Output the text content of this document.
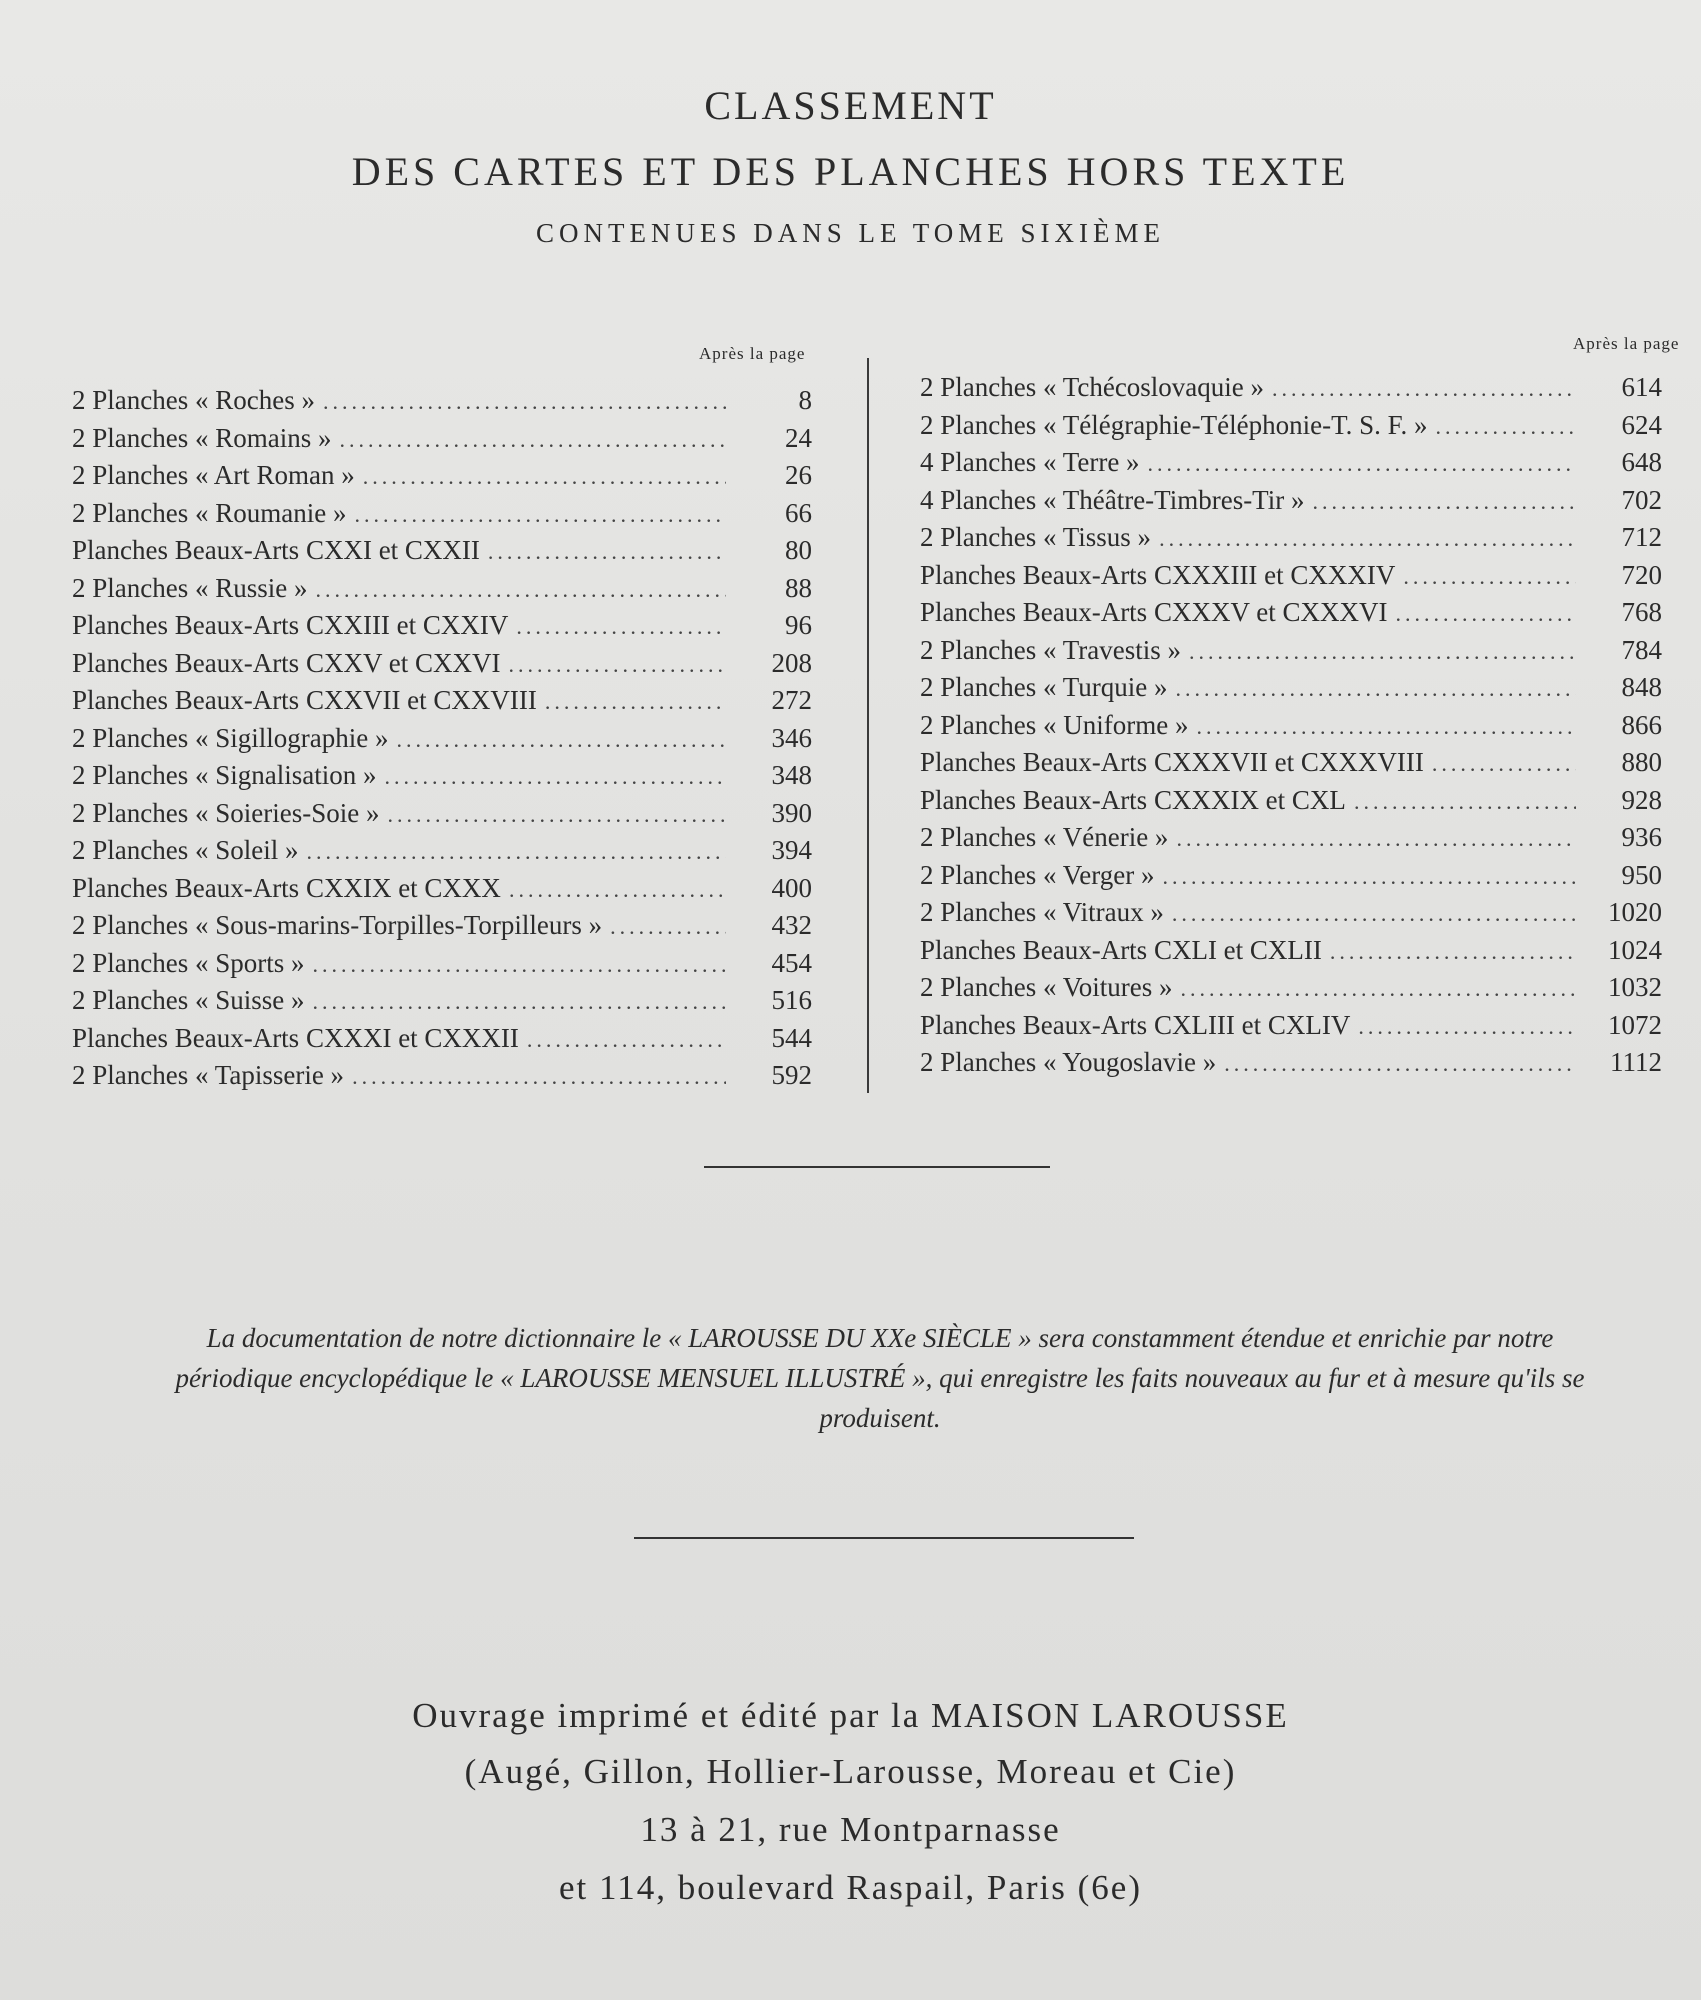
CLASSEMENT
DES CARTES ET DES PLANCHES HORS TEXTE
CONTENUES DANS LE TOME SIXIÈME
Après la page
Après la page
2 Planches « Roches » .....	8
2 Planches « Romains » .....	24
2 Planches « Art Roman » .....	26
2 Planches « Roumanie » .....	66
Planches Beaux-Arts CXXI et CXXII .....	80
2 Planches « Russie » .....	88
Planches Beaux-Arts CXXIII et CXXIV .....	96
Planches Beaux-Arts CXXV et CXXVI .....	208
Planches Beaux-Arts CXXVII et CXXVIII .....	272
2 Planches « Sigillographie » .....	346
2 Planches « Signalisation » .....	348
2 Planches « Soieries-Soie » .....	390
2 Planches « Soleil » .....	394
Planches Beaux-Arts CXXIX et CXXX .....	400
2 Planches « Sous-marins-Torpilles-Torpilleurs » .....	432
2 Planches « Sports » .....	454
2 Planches « Suisse » .....	516
Planches Beaux-Arts CXXXI et CXXXII .....	544
2 Planches « Tapisserie » .....	592
2 Planches « Tchécoslovaquie » .....	614
2 Planches « Télégraphie-Téléphonie-T. S. F. » .....	624
4 Planches « Terre » .....	648
4 Planches « Théâtre-Timbres-Tir » .....	702
2 Planches « Tissus » .....	712
Planches Beaux-Arts CXXXIII et CXXXIV .....	720
Planches Beaux-Arts CXXXV et CXXXVI .....	768
2 Planches « Travestis » .....	784
2 Planches « Turquie » .....	848
2 Planches « Uniforme » .....	866
Planches Beaux-Arts CXXXVII et CXXXVIII .....	880
Planches Beaux-Arts CXXXIX et CXL .....	928
2 Planches « Vénerie » .....	936
2 Planches « Verger » .....	950
2 Planches « Vitraux » .....	1020
Planches Beaux-Arts CXLI et CXLII .....	1024
2 Planches « Voitures » .....	1032
Planches Beaux-Arts CXLIII et CXLIV .....	1072
2 Planches « Yougoslavie » .....	1112
La documentation de notre dictionnaire le « LAROUSSE DU XXe SIÈCLE » sera constamment étendue et enrichie par notre périodique encyclopédique le « LAROUSSE MENSUEL ILLUSTRÉ », qui enregistre les faits nouveaux au fur et à mesure qu'ils se produisent.
Ouvrage imprimé et édité par la MAISON LAROUSSE
(Augé, Gillon, Hollier-Larousse, Moreau et Cie)
13 à 21, rue Montparnasse
et 114, boulevard Raspail, Paris (6e)
